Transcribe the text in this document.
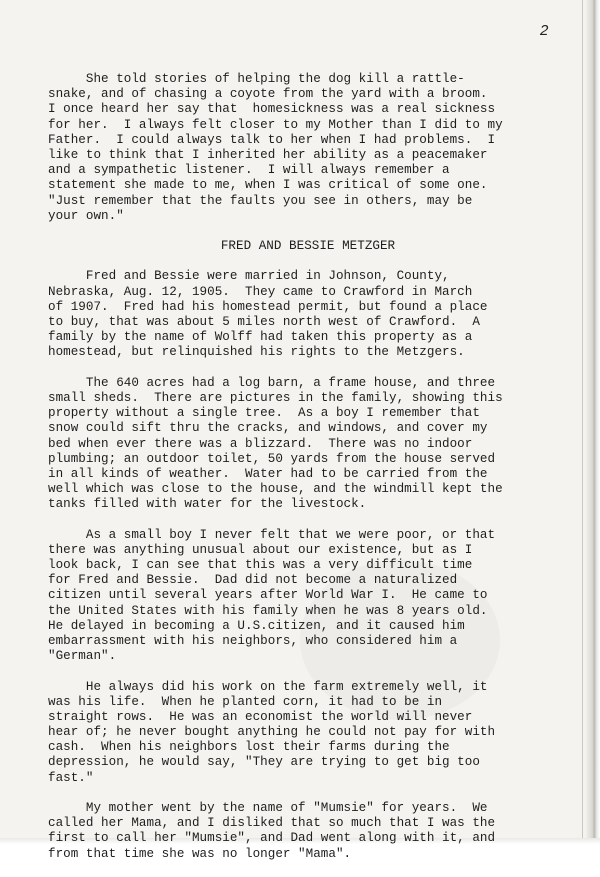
2
She told stories of helping the dog kill a rattle-
snake, and of chasing a coyote from the yard with a broom.
I once heard her say that  homesickness was a real sickness
for her.  I always felt closer to my Mother than I did to my
Father.  I could always talk to her when I had problems.  I
like to think that I inherited her ability as a peacemaker
and a sympathetic listener.  I will always remember a
statement she made to me, when I was critical of some one.
"Just remember that the faults you see in others, may be
your own."
FRED AND BESSIE METZGER
Fred and Bessie were married in Johnson, County,
Nebraska, Aug. 12, 1905.  They came to Crawford in March
of 1907.  Fred had his homestead permit, but found a place
to buy, that was about 5 miles north west of Crawford.  A
family by the name of Wolff had taken this property as a
homestead, but relinquished his rights to the Metzgers.
The 640 acres had a log barn, a frame house, and three
small sheds.  There are pictures in the family, showing this
property without a single tree.  As a boy I remember that
snow could sift thru the cracks, and windows, and cover my
bed when ever there was a blizzard.  There was no indoor
plumbing; an outdoor toilet, 50 yards from the house served
in all kinds of weather.  Water had to be carried from the
well which was close to the house, and the windmill kept the
tanks filled with water for the livestock.
As a small boy I never felt that we were poor, or that
there was anything unusual about our existence, but as I
look back, I can see that this was a very difficult time
for Fred and Bessie.  Dad did not become a naturalized
citizen until several years after World War I.  He came to
the United States with his family when he was 8 years old.
He delayed in becoming a U.S.citizen, and it caused him
embarrassment with his neighbors, who considered him a
"German".
He always did his work on the farm extremely well, it
was his life.  When he planted corn, it had to be in
straight rows.  He was an economist the world will never
hear of; he never bought anything he could not pay for with
cash.  When his neighbors lost their farms during the
depression, he would say, "They are trying to get big too
fast."
My mother went by the name of "Mumsie" for years.  We
called her Mama, and I disliked that so much that I was the
first to call her "Mumsie", and Dad went along with it, and
from that time she was no longer "Mama".
